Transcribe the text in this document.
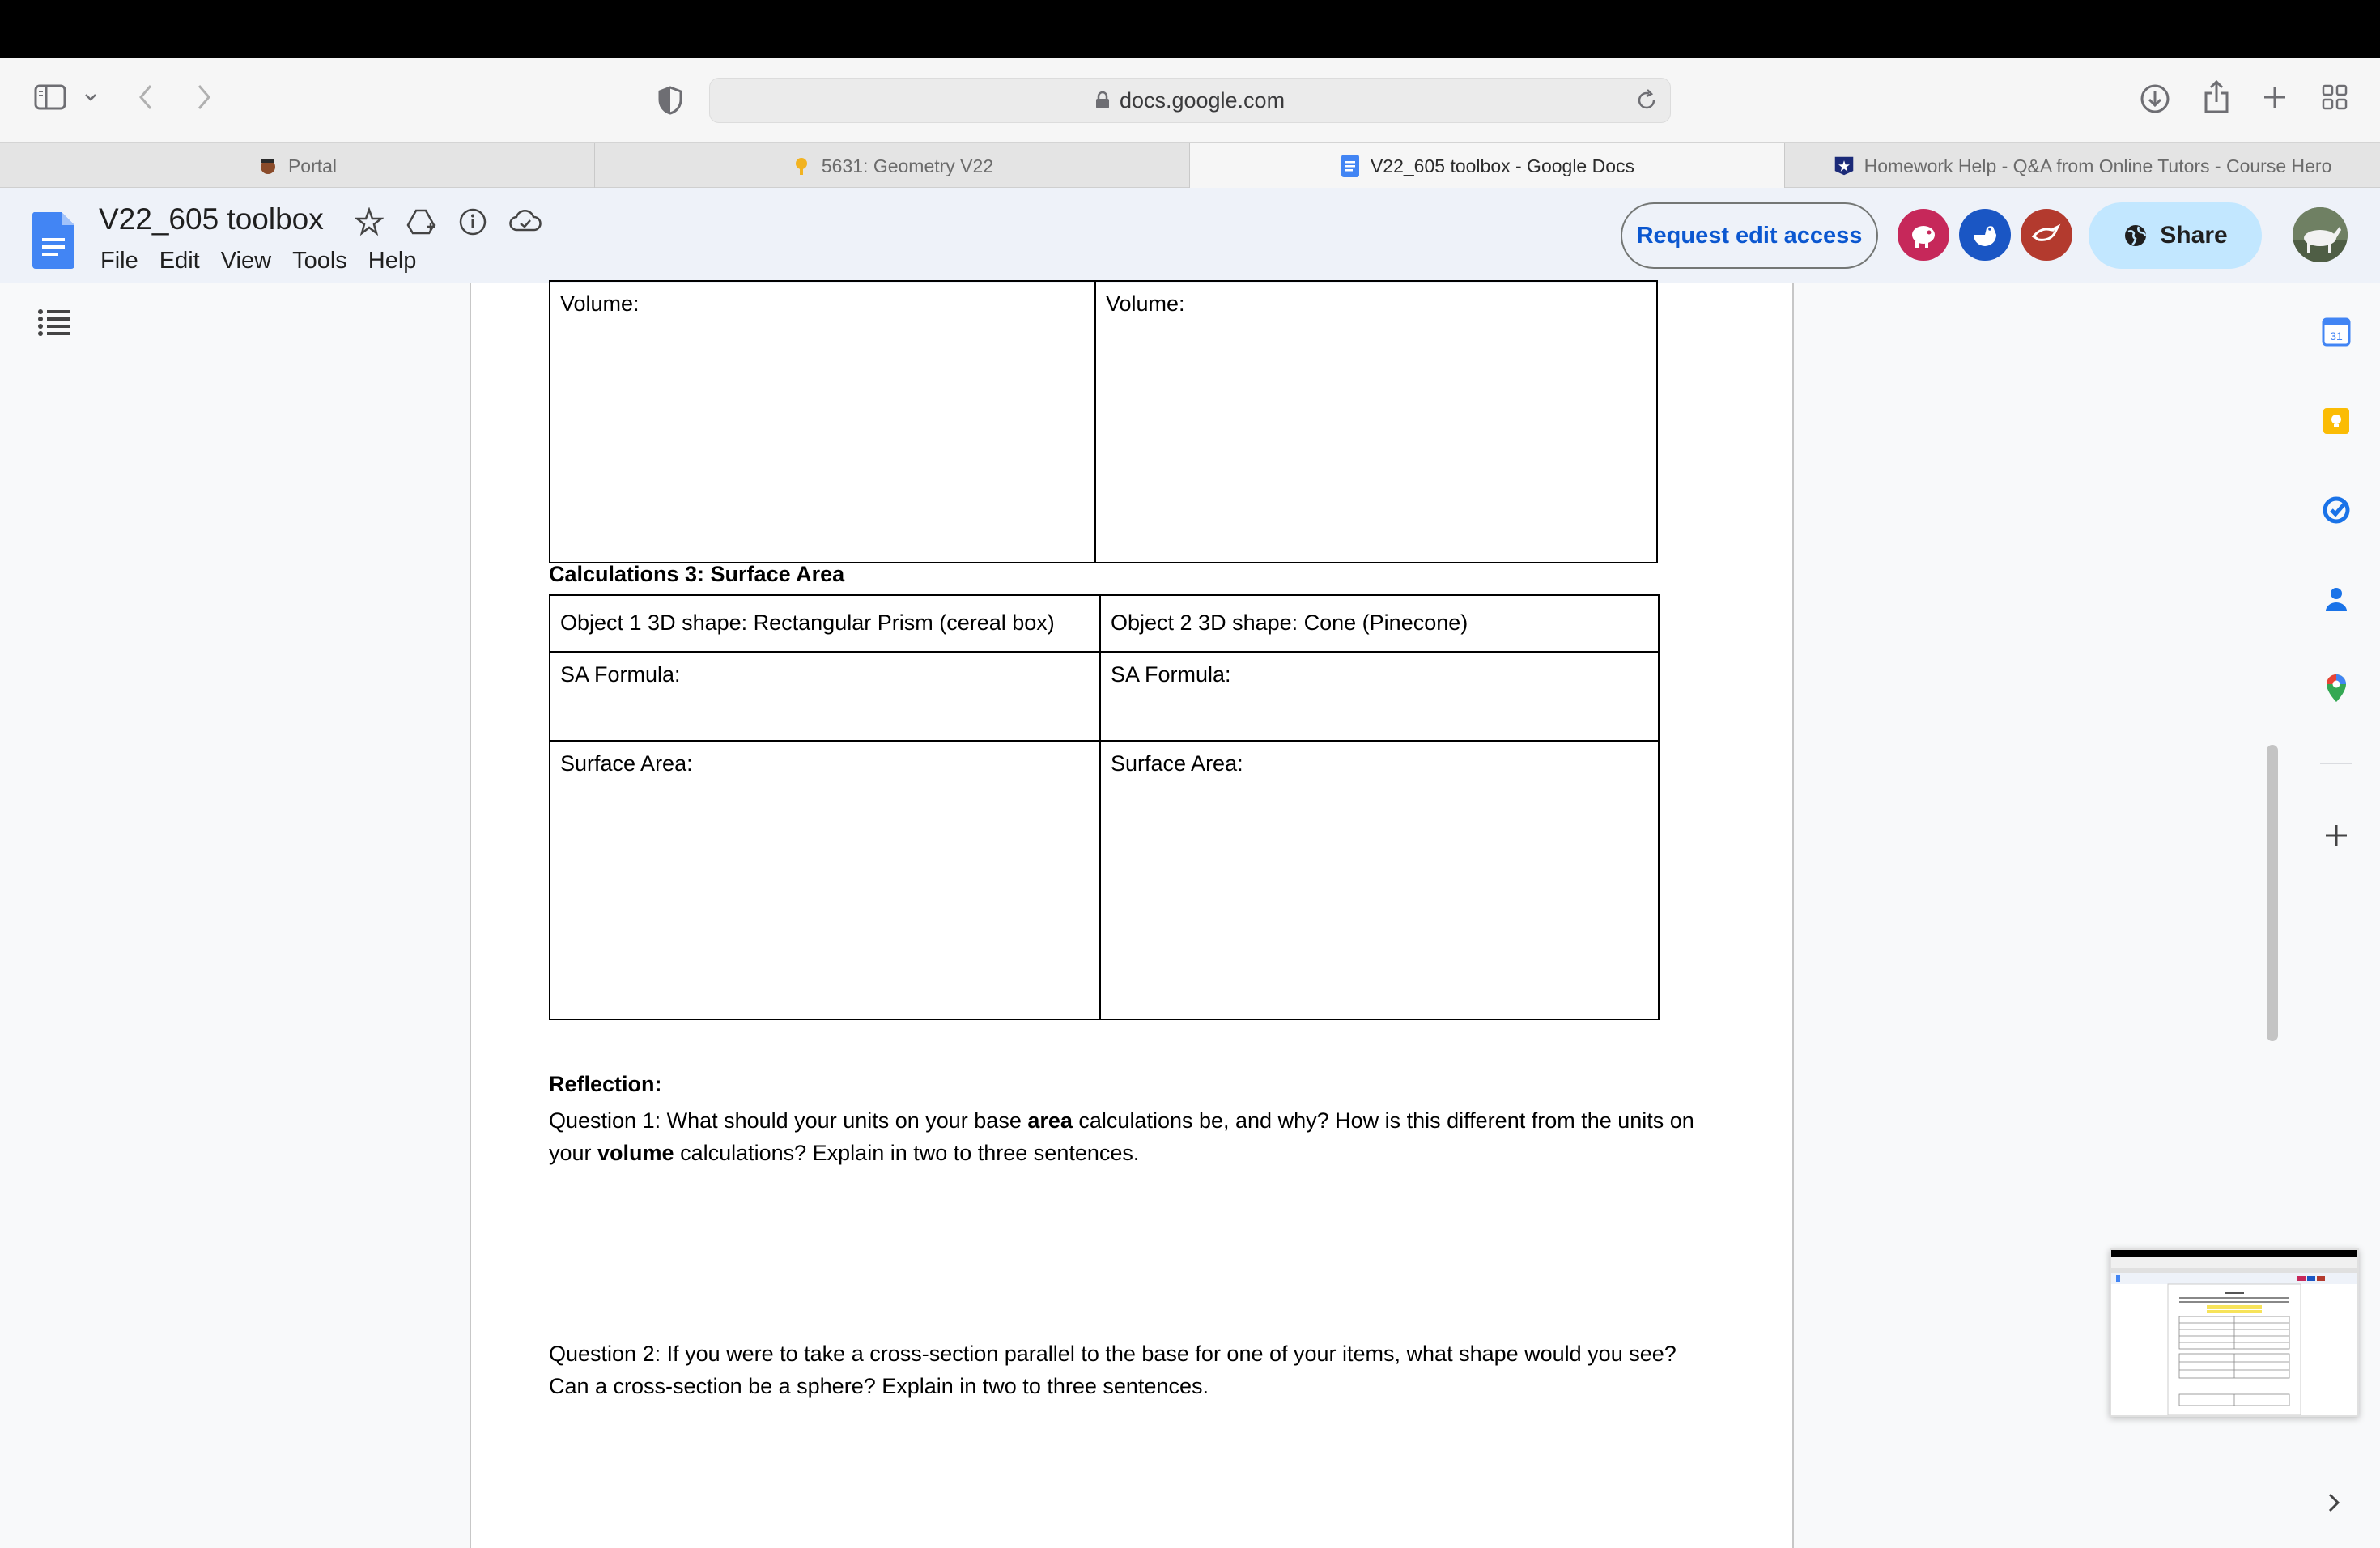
docs.google.com
Portal	5631: Geometry V22	V22_605 toolbox - Google Docs	Homework Help - Q&A from Online Tutors - Course Hero
V22_605 toolbox
File Edit View Tools Help
Request edit access	Share
Volume:	Volume:
Calculations 3: Surface Area
Object 1 3D shape: Rectangular Prism (cereal box)	Object 2 3D shape: Cone (Pinecone)
SA Formula:	SA Formula:
Surface Area:	Surface Area:
Reflection:
Question 1: What should your units on your base area calculations be, and why? How is this different from the units on your volume calculations? Explain in two to three sentences.
Question 2: If you were to take a cross-section parallel to the base for one of your items, what shape would you see? Can a cross-section be a sphere? Explain in two to three sentences.
31
